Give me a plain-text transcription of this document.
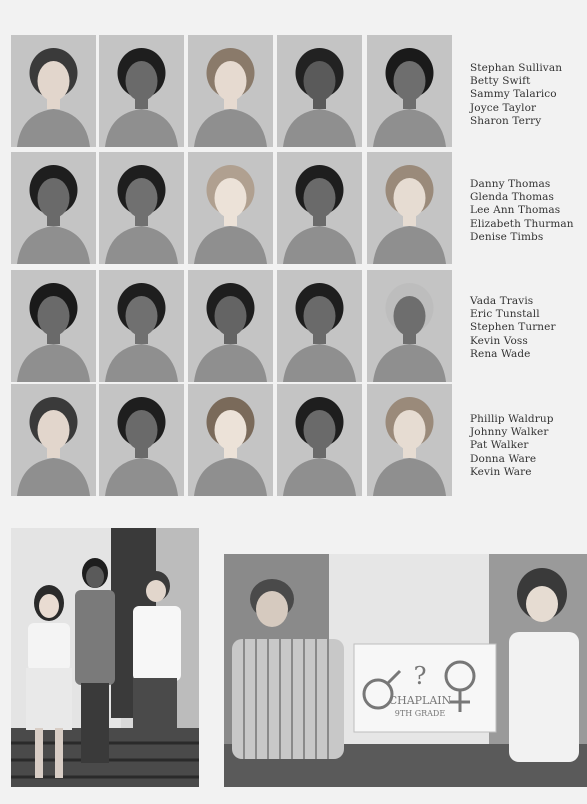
Stephan Sullivan
Betty Swift
Sammy Talarico
Joyce Taylor
Sharon Terry
Danny Thomas
Glenda Thomas
Lee Ann Thomas
Elizabeth Thurman
Denise Timbs
Vada Travis
Eric Tunstall
Stephen Turner
Kevin Voss
Rena Wade
Phillip Waldrup
Johnny Walker
Pat Walker
Donna Ware
Kevin Ware
?
CHAPLAIN
9TH GRADE
